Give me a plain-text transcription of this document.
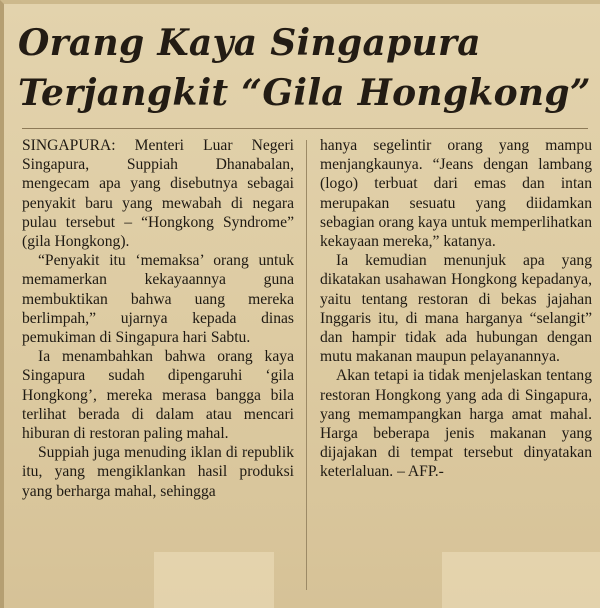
Orang Kaya Singapura
Terjangkit “Gila Hongkong”

SINGAPURA: Menteri Luar Negeri Singapura, Suppiah Dhanabalan, mengecam apa yang disebutnya sebagai penyakit baru yang mewabah di negara pulau tersebut – “Hongkong Syndrome” (gila Hongkong).

“Penyakit itu ‘memaksa’ orang untuk memamerkan kekayaannya guna membuktikan bahwa uang mereka berlimpah,” ujarnya kepada dinas pemukiman di Singapura hari Sabtu.

Ia menambahkan bahwa orang kaya Singapura sudah dipengaruhi ‘gila Hongkong’, mereka merasa bangga bila terlihat berada di dalam atau mencari hiburan di restoran paling mahal.

Suppiah juga menuding iklan di republik itu, yang mengiklankan hasil produksi yang berharga mahal, sehingga

hanya segelintir orang yang mampu menjangkaunya. “Jeans dengan lambang (logo) terbuat dari emas dan intan merupakan sesuatu yang diidamkan sebagian orang kaya untuk memperlihatkan kekayaan mereka,” katanya.

Ia kemudian menunjuk apa yang dikatakan usahawan Hongkong kepadanya, yaitu tentang restoran di bekas jajahan Inggaris itu, di mana harganya “selangit” dan hampir tidak ada hubungan dengan mutu makanan maupun pelayanannya.

Akan tetapi ia tidak menjelaskan tentang restoran Hongkong yang ada di Singapura, yang memampangkan harga amat mahal. Harga beberapa jenis makanan yang dijajakan di tempat tersebut dinyatakan keterlaluan. – AFP.-
